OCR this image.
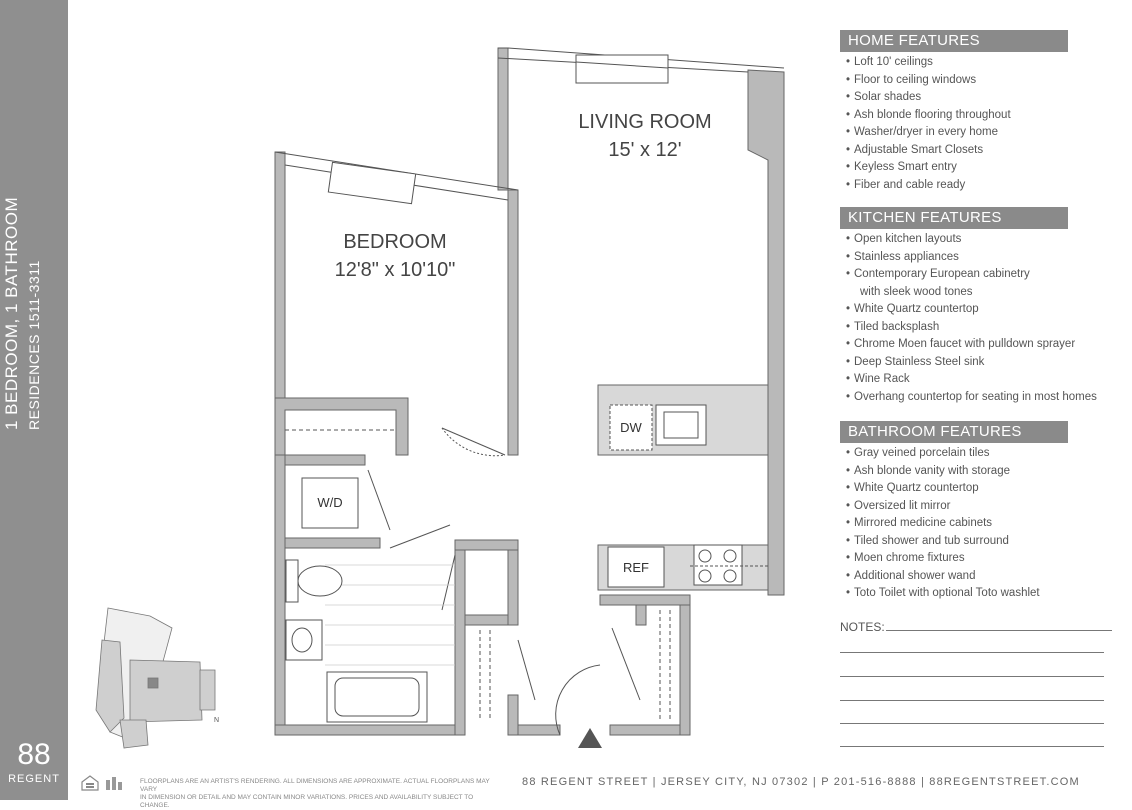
1 BEDROOM, 1 BATHROOM RESIDENCES 1511-3311
88
REGENT
N
LIVING ROOM
15' x 12'
BEDROOM
12'8" x 10'10"
DW
W/D
REF
HOME FEATURES
• Loft 10' ceilings
• Floor to ceiling windows
• Solar shades
• Ash blonde flooring throughout
• Washer/dryer in every home
• Adjustable Smart Closets
• Keyless Smart entry
• Fiber and cable ready
KITCHEN FEATURES
• Open kitchen layouts
• Stainless appliances
• Contemporary European cabinetry
with sleek wood tones
• White Quartz countertop
• Tiled backsplash
• Chrome Moen faucet with pulldown sprayer
• Deep Stainless Steel sink
• Wine Rack
• Overhang countertop for seating in most homes
BATHROOM FEATURES
• Gray veined porcelain tiles
• Ash blonde vanity with storage
• White Quartz countertop
• Oversized lit mirror
• Mirrored medicine cabinets
• Tiled shower and tub surround
• Moen chrome fixtures
• Additional shower wand
• Toto Toilet with optional Toto washlet
NOTES:
FLOORPLANS ARE AN ARTIST'S RENDERING. ALL DIMENSIONS ARE APPROXIMATE. ACTUAL FLOORPLANS MAY VARY
IN DIMENSION OR DETAIL AND MAY CONTAIN MINOR VARIATIONS. PRICES AND AVAILABILITY SUBJECT TO CHANGE.
88 REGENT STREET | JERSEY CITY, NJ 07302 | P 201-516-8888 | 88REGENTSTREET.COM
